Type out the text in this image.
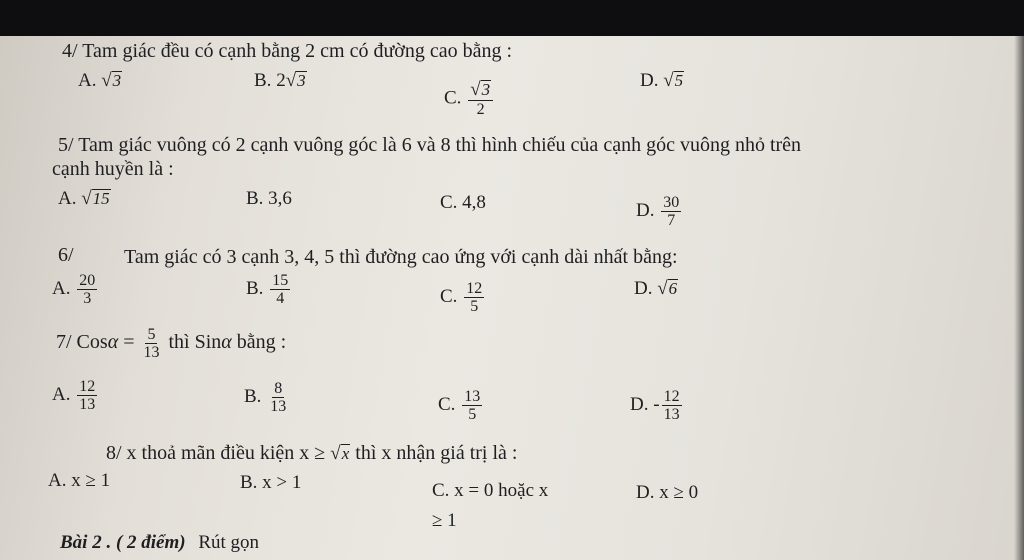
4/ Tam giác đều có cạnh bằng 2 cm có đường cao bằng :
A. √ 3	B. 2 √ 3
C. $\frac{√ 3}{2}$	D. √ 5
5/ Tam giác vuông có 2 cạnh vuông góc là 6 và 8 thì hình chiếu của cạnh góc vuông nhỏ trên
cạnh huyền là :
A. √ 15	B. 3,6	C. 4,8	D. $\frac{30}{7}$
6/	Tam giác có 3 cạnh 3, 4, 5 thì đường cao ứng với cạnh dài nhất bằng:
A. $\frac{20}{3}$	B. $\frac{15}{4}$	C. $\frac{12}{5}$	D. √ 6
7/ $Cos\alpha = \frac{5}{13}$ thì Sinα bằng :
A. $\frac{12}{13}$	B. $\frac{8}{13}$	C. $\frac{13}{5}$	D. - $\frac{12}{13}$
8/ x thoả mãn điều kiện x ≥ √ x thì x nhận giá trị là :
A. x ≥ 1	B. x > 1	C. x = 0 hoặc x
≥ 1
D. x ≥ 0
Bài 2 . ( 2 điểm) Rút gọn
